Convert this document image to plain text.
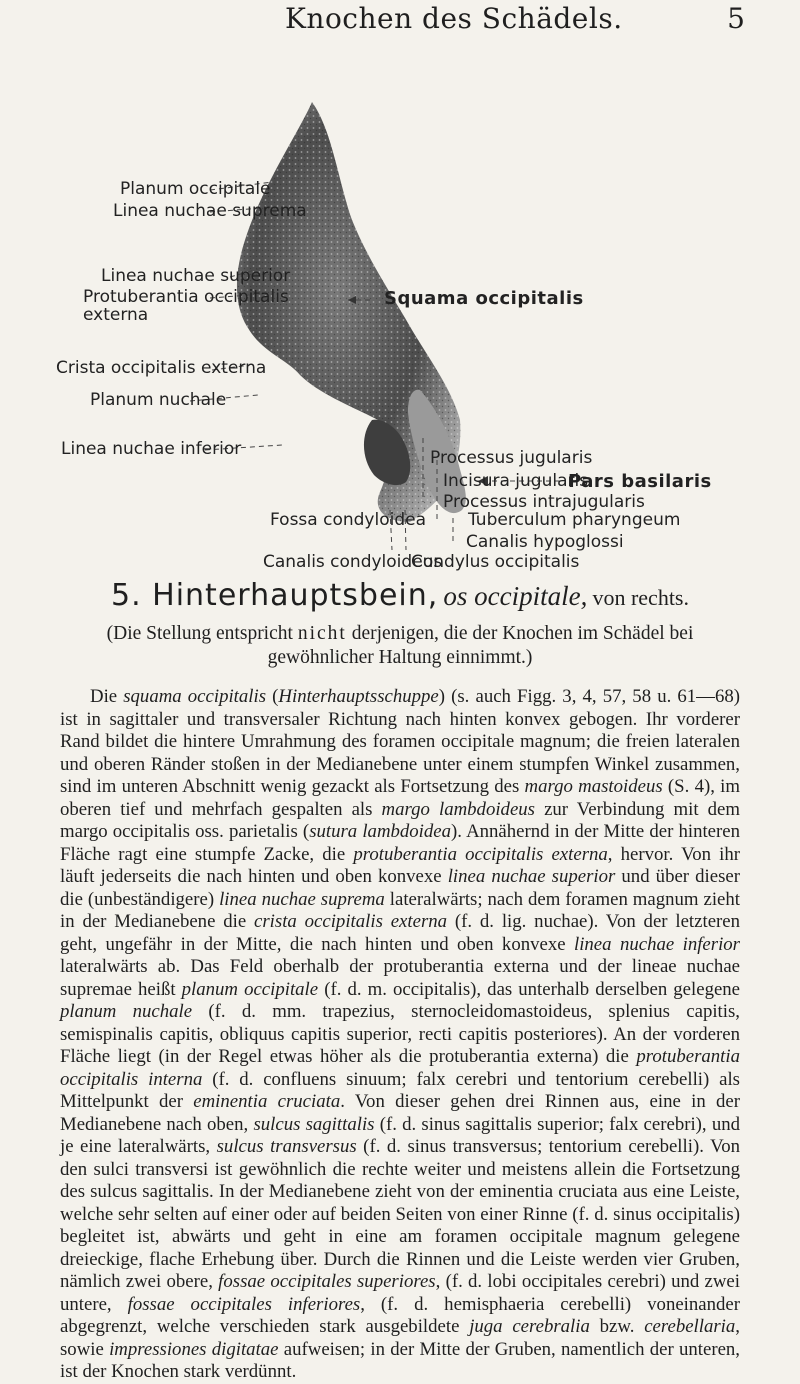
Knochen des Schädels.	5
Planum occipitale
Linea nuchae suprema
Linea nuchae superior
Protuberantia occipitalis
externa
Crista occipitalis externa
Planum nuchale
Linea nuchae inferior
Squama occipitalis
Processus jugularis
Incisura jugularis
Processus intrajugularis
Pars basilaris
Fossa condyloidea Tuberculum pharyngeum
Canalis hypoglossi
Canalis condyloideus
Condylus occipitalis
5. Hinterhauptsbein, os occipitale, von rechts.
(Die Stellung entspricht nicht derjenigen, die der Knochen im Schädel bei gewöhnlicher Haltung einnimmt.)

Die squama occipitalis (Hinterhauptsschuppe) (s. auch Figg. 3, 4, 57, 58 u. 61—68) ist in sagittaler und transversaler Richtung nach hinten konvex gebogen. Ihr vorderer Rand bildet die hintere Umrahmung des foramen occipitale magnum; die freien lateralen und oberen Ränder stoßen in der Medianebene unter einem stumpfen Winkel zusammen, sind im unteren Abschnitt wenig gezackt als Fortsetzung des margo mastoideus (S. 4), im oberen tief und mehrfach gespalten als margo lambdoideus zur Verbindung mit dem margo occipitalis oss. parietalis (sutura lambdoidea). Annähernd in der Mitte der hinteren Fläche ragt eine stumpfe Zacke, die protuberantia occipitalis externa, hervor. Von ihr läuft jederseits die nach hinten und oben konvexe linea nuchae superior und über dieser die (unbeständigere) linea nuchae suprema lateralwärts; nach dem foramen magnum zieht in der Medianebene die crista occipitalis externa (f. d. lig. nuchae). Von der letzteren geht, ungefähr in der Mitte, die nach hinten und oben konvexe linea nuchae inferior lateralwärts ab. Das Feld oberhalb der protuberantia externa und der lineae nuchae supremae heißt planum occipitale (f. d. m. occipitalis), das unterhalb derselben gelegene planum nuchale (f. d. mm. trapezius, sternocleidomastoideus, splenius capitis, semispinalis capitis, obliquus capitis superior, recti capitis posteriores). An der vorderen Fläche liegt (in der Regel etwas höher als die protuberantia externa) die protuberantia occipitalis interna (f. d. confluens sinuum; falx cerebri und tentorium cerebelli) als Mittelpunkt der eminentia cruciata. Von dieser gehen drei Rinnen aus, eine in der Medianebene nach oben, sulcus sagittalis (f. d. sinus sagittalis superior; falx cerebri), und je eine lateralwärts, sulcus transversus (f. d. sinus transversus; tentorium cerebelli). Von den sulci transversi ist gewöhnlich die rechte weiter und meistens allein die Fortsetzung des sulcus sagittalis. In der Medianebene zieht von der eminentia cruciata aus eine Leiste, welche sehr selten auf einer oder auf beiden Seiten von einer Rinne (f. d. sinus occipitalis) begleitet ist, abwärts und geht in eine am foramen occipitale magnum gelegene dreieckige, flache Erhebung über. Durch die Rinnen und die Leiste werden vier Gruben, nämlich zwei obere, fossae occipitales superiores, (f. d. lobi occipitales cerebri) und zwei untere, fossae occipitales inferiores, (f. d. hemisphaeria cerebelli) voneinander abgegrenzt, welche verschieden stark ausgebildete juga cerebralia bzw. cerebellaria, sowie impressiones digitatae aufweisen; in der Mitte der Gruben, namentlich der unteren, ist der Knochen stark verdünnt.
